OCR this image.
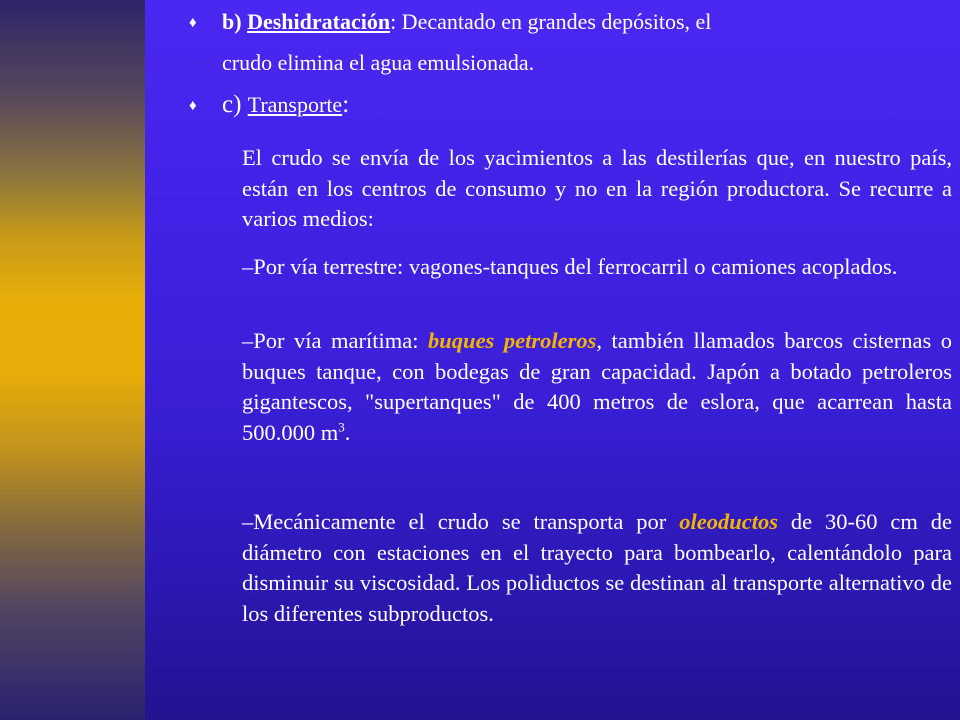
♦ b) Deshidratación: Decantado en grandes depósitos, el
crudo elimina el agua emulsionada.
♦ c) Transporte:
El crudo se envía de los yacimientos a las destilerías que, en nuestro país, están en los centros de consumo y no en la región productora. Se recurre a varios medios:
–Por vía terrestre: vagones-tanques del ferrocarril o camiones acoplados.
–Por vía marítima: buques petroleros, también llamados barcos cisternas o buques tanque, con bodegas de gran capacidad. Japón a botado petroleros gigantescos, "supertanques" de 400 metros de eslora, que acarrean hasta 500.000 $m^3$.
–Mecánicamente el crudo se transporta por oleoductos de 30-60 cm de diámetro con estaciones en el trayecto para bombearlo, calentándolo para disminuir su viscosidad. Los poliductos se destinan al transporte alternativo de los diferentes subproductos.
